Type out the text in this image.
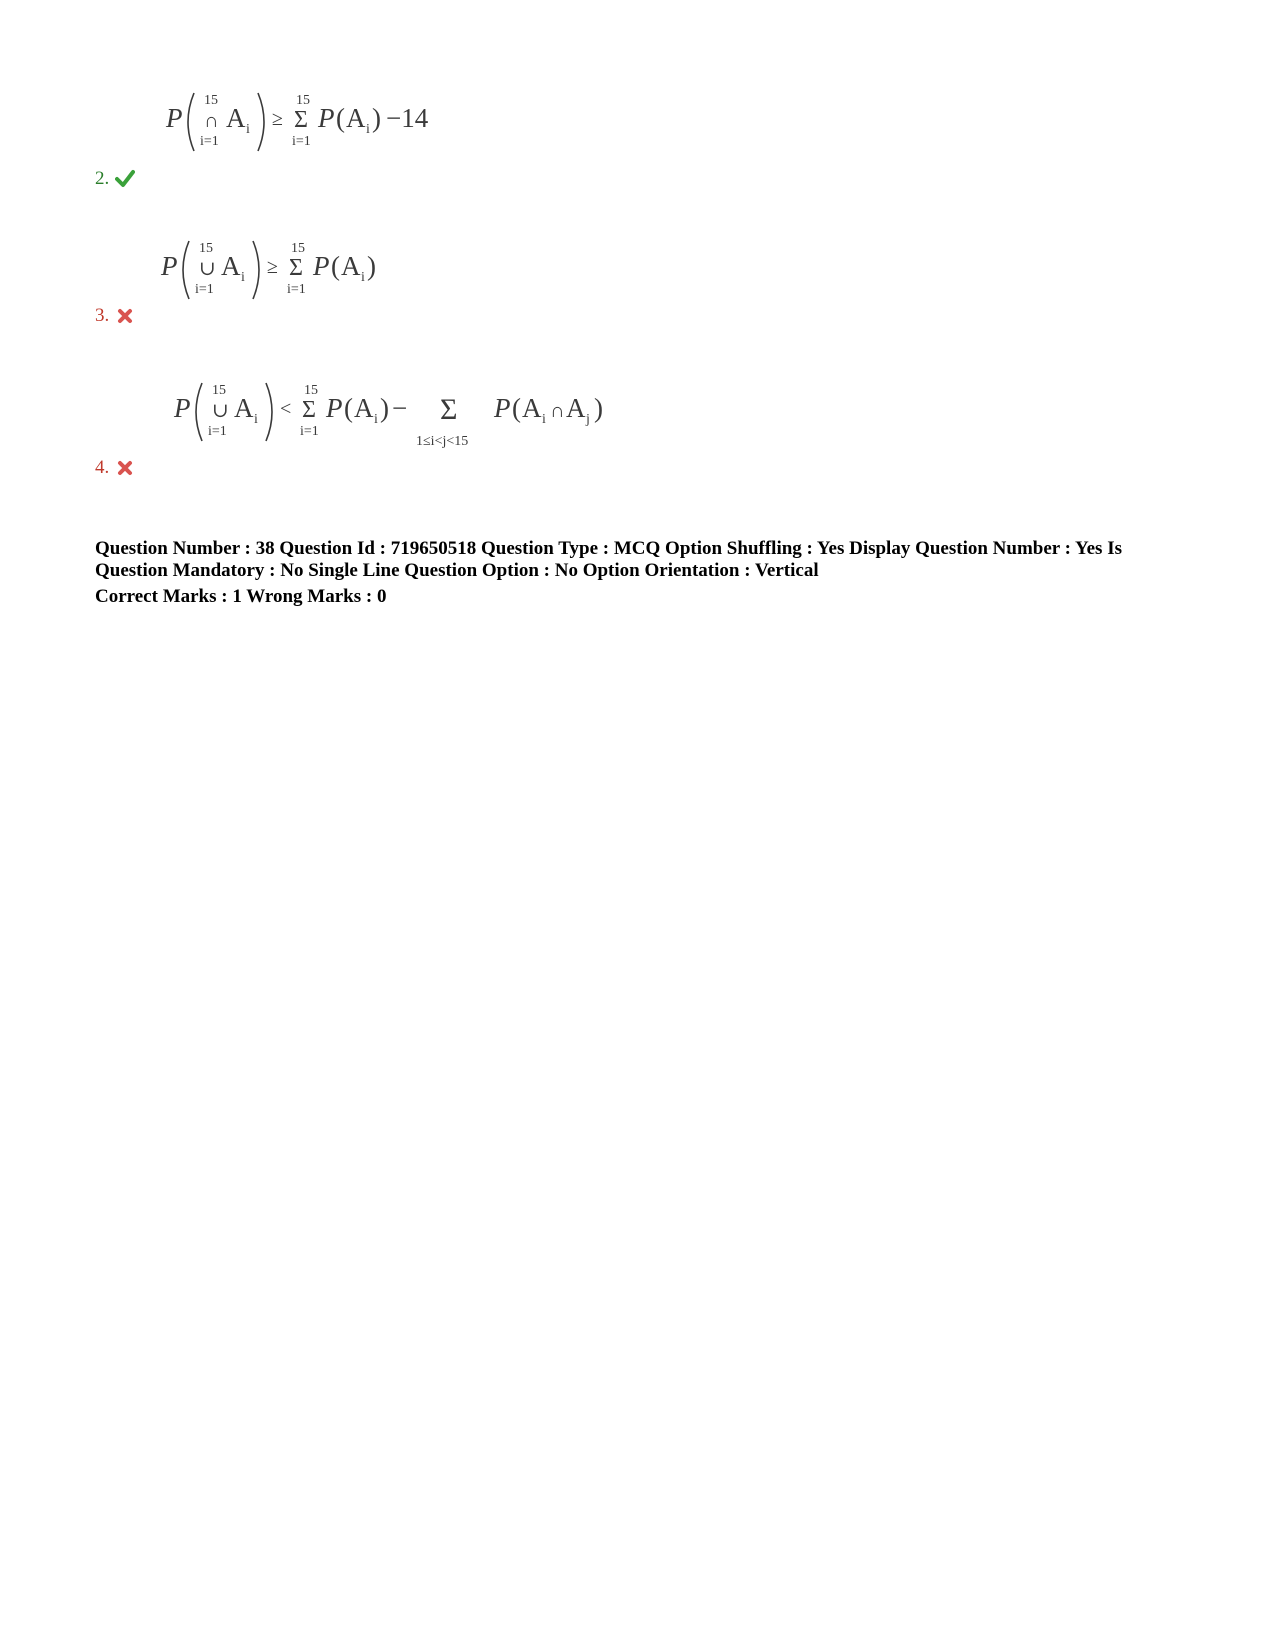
P
15
∩
i=1
A i ≥
15
Σ
i=1
P ( A i ) −14
2.
P
15
∪
i=1
A i ≥
15
Σ
i=1
P ( A i )
3.
P
15
∪
i=1
A i <
15
Σ
i=1
P ( A i ) − Σ
1≤i<j<15
P ( A i ∩ A j )
4.

Question Number : 38 Question Id : 719650518 Question Type : MCQ Option Shuffling : Yes Display Question Number : Yes Is Question Mandatory : No Single Line Question Option : No Option Orientation : Vertical

Correct Marks : 1 Wrong Marks : 0
